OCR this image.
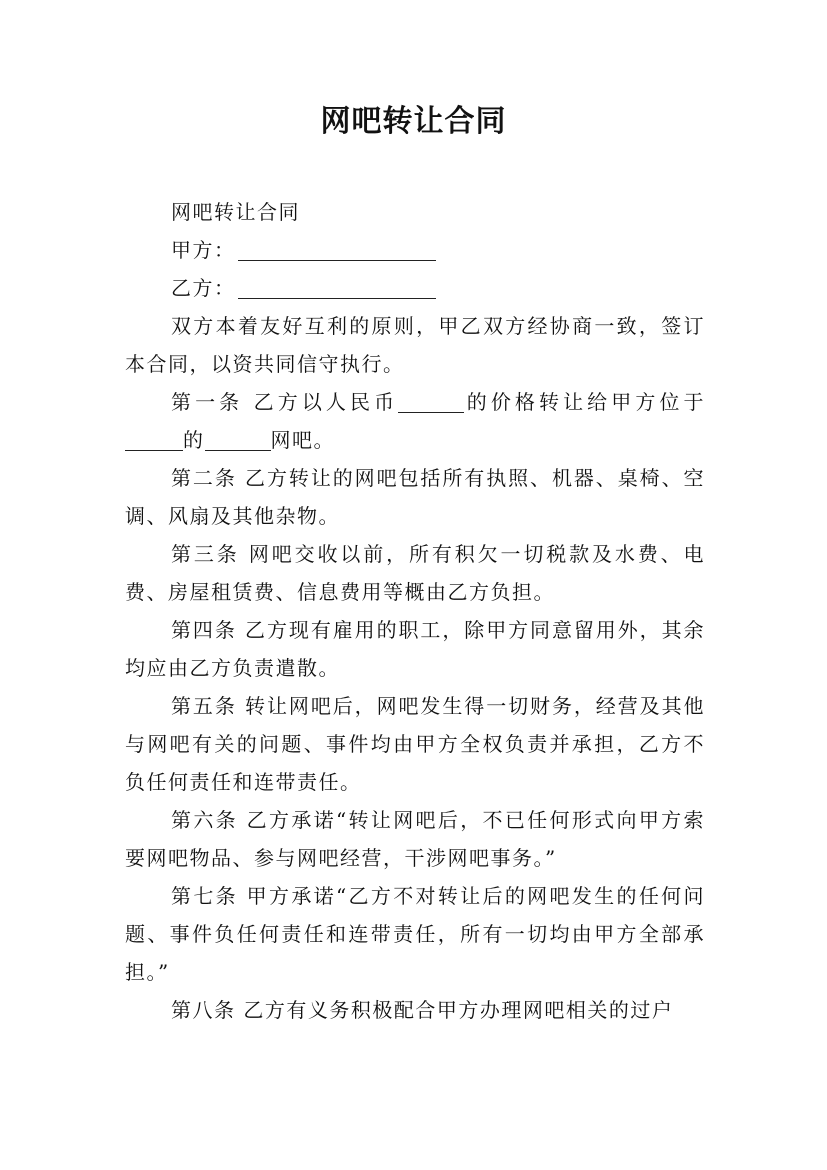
网吧转让合同

网吧转让合同

甲方：

乙方：

双方本着友好互利的原则，甲乙双方经协商一致，签订本合同，以资共同信守执行。

第一条 乙方以人民币	的价格转让给甲方位于的	网吧。

第二条 乙方转让的网吧包括所有执照、机器、桌椅、空调、风扇及其他杂物。

第三条 网吧交收以前，所有积欠一切税款及水费、电费、房屋租赁费、信息费用等概由乙方负担。

第四条 乙方现有雇用的职工，除甲方同意留用外，其余均应由乙方负责遣散。

第五条 转让网吧后，网吧发生得一切财务，经营及其他与网吧有关的问题、事件均由甲方全权负责并承担，乙方不负任何责任和连带责任。

第六条 乙方承诺“转让网吧后，不已任何形式向甲方索要网吧物品、参与网吧经营，干涉网吧事务。”

第七条 甲方承诺“乙方不对转让后的网吧发生的任何问题、事件负任何责任和连带责任，所有一切均由甲方全部承担。”

第八条 乙方有义务积极配合甲方办理网吧相关的过户
